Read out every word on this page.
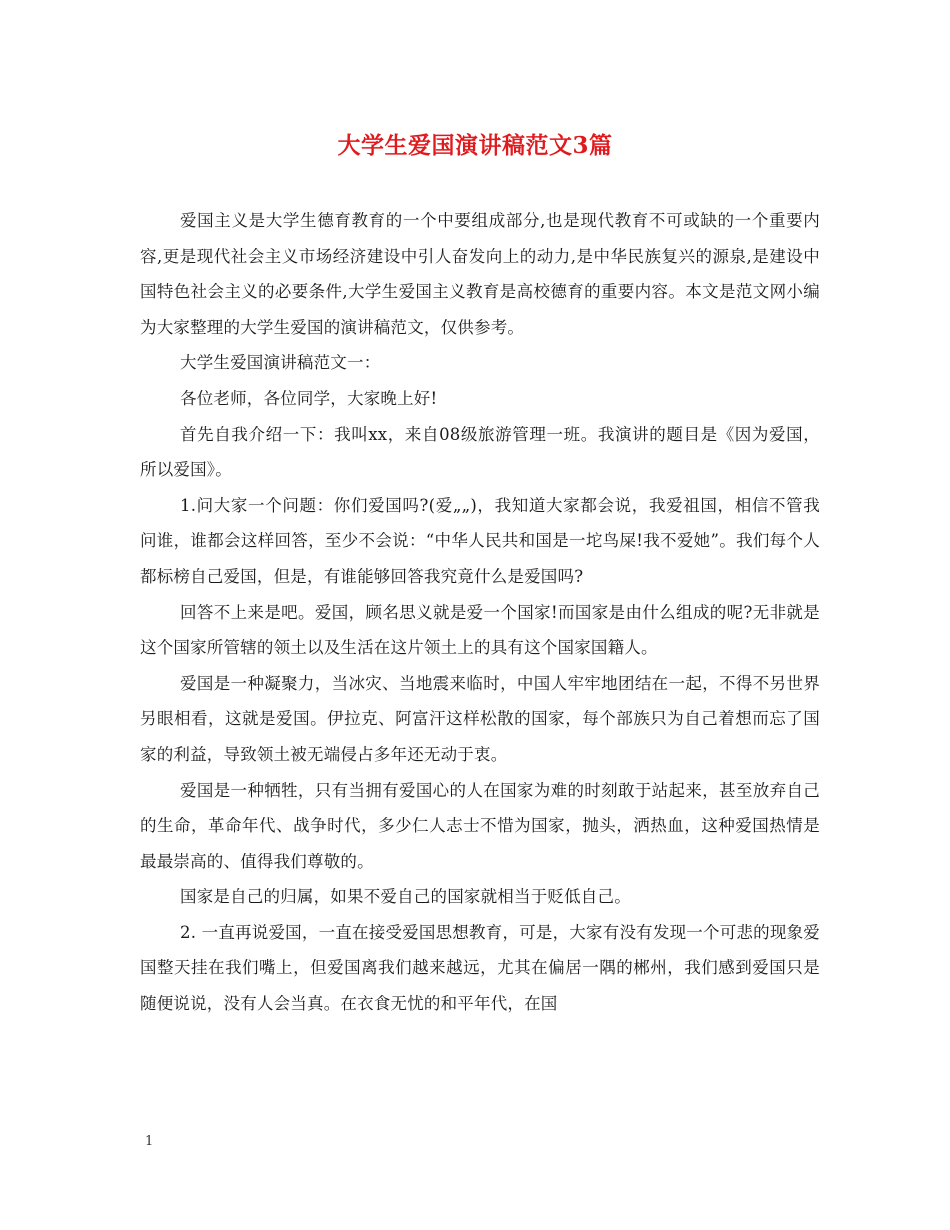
大学生爱国演讲稿范文3篇

爱国主义是大学生德育教育的一个中要组成部分,也是现代教育不可或缺的一个重要内容,更是现代社会主义市场经济建设中引人奋发向上的动力,是中华民族复兴的源泉,是建设中国特色社会主义的必要条件,大学生爱国主义教育是高校德育的重要内容。本文是范文网小编为大家整理的大学生爱国的演讲稿范文，仅供参考。

大学生爱国演讲稿范文一：

各位老师，各位同学，大家晚上好!

首先自我介绍一下：我叫xx，来自08级旅游管理一班。我演讲的题目是《因为爱国，所以爱国》。

1.问大家一个问题：你们爱国吗?(爱„„)，我知道大家都会说，我爱祖国，相信不管我问谁，谁都会这样回答，至少不会说：“中华人民共和国是一坨鸟屎!我不爱她”。我们每个人都标榜自己爱国，但是，有谁能够回答我究竟什么是爱国吗?

回答不上来是吧。爱国，顾名思义就是爱一个国家!而国家是由什么组成的呢?无非就是这个国家所管辖的领土以及生活在这片领土上的具有这个国家国籍人。

爱国是一种凝聚力，当冰灾、当地震来临时，中国人牢牢地团结在一起，不得不另世界另眼相看，这就是爱国。伊拉克、阿富汗这样松散的国家，每个部族只为自己着想而忘了国家的利益，导致领土被无端侵占多年还无动于衷。

爱国是一种牺牲，只有当拥有爱国心的人在国家为难的时刻敢于站起来，甚至放弃自己的生命，革命年代、战争时代，多少仁人志士不惜为国家，抛头，洒热血，这种爱国热情是最最崇高的、值得我们尊敬的。

国家是自己的归属，如果不爱自己的国家就相当于贬低自己。

2. 一直再说爱国，一直在接受爱国思想教育，可是，大家有没有发现一个可悲的现象爱国整天挂在我们嘴上，但爱国离我们越来越远，尤其在偏居一隅的郴州，我们感到爱国只是随便说说，没有人会当真。在衣食无忧的和平年代，在国

1
